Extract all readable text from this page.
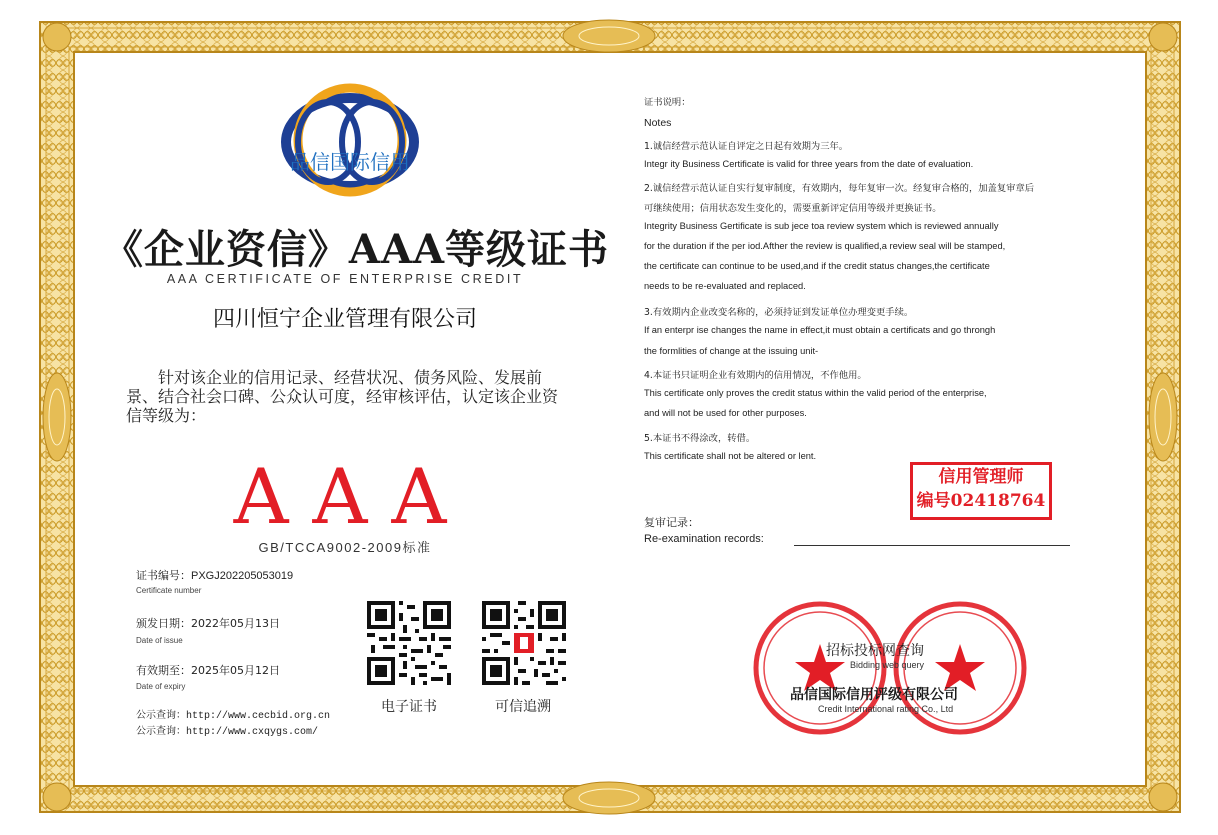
品信国际信用
《企业资信》AAA等级证书
AAA CERTIFICATE OF ENTERPRISE CREDIT
四川恒宁企业管理有限公司
针对该企业的信用记录、经营状况、债务风险、发展前景、结合社会口碑、公众认可度，经审核评估，认定该企业资信等级为：
AAA
GB/TCCA9002-2009标准
证书编号：PXGJ202205053019
Certificate number
颁发日期：2022年05月13日
Date of issue
有效期至：2025年05月12日
Date of expiry
公示查询：http://www.cecbid.org.cn
公示查询：http://www.cxqygs.com/
电子证书	可信追溯
证书说明：
Notes
1.诚信经营示范认证自评定之日起有效期为三年。
Integr ity Business Certificate is valid for three years from the date of evaluation.
2.诚信经营示范认证自实行复审制度，有效期内，每年复审一次。经复审合格的，加盖复审章后
可继续使用；信用状态发生变化的，需要重新评定信用等级并更换证书。
Integrity Business Gertificate is sub jece toa review system which is reviewed annually
for the duration if the per iod.Afther the review is qualified,a review seal will be stamped,
the certificate can continue to be used,and if the credit status changes,the certificate
needs to be re-evaluated and replaced.
3.有效期内企业改变名称的，必须持证到发证单位办理变更手续。
If an enterpr ise changes the name in effect,it must obtain a certificats and go throngh
the formlities of change at the issuing unit-
4.本证书只证明企业有效期内的信用情况，不作他用。
This certificate only proves the credit status within the valid period of the enterprise,
and will not be used for other purposes.
5.本证书不得涂改，转借。
This certificate shall not be altered or lent.
信用管理师
编号02418764
复审记录：
Re-examination records:
招标投标网查询
Bidding web query
品信国际信用评级有限公司
Credit International rating Co., Ltd
